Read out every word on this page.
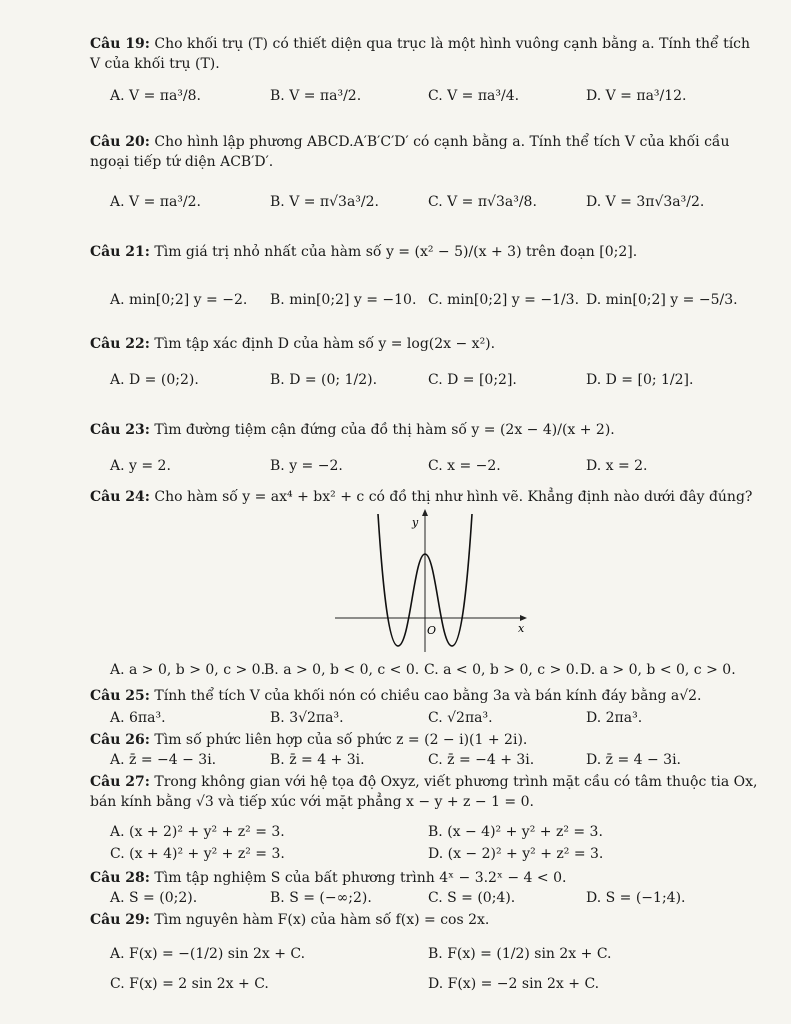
Câu 19: Cho khối trụ (T) có thiết diện qua trục là một hình vuông cạnh bằng a. Tính thể tích V của khối trụ (T).
A. V = πa³/8.	B. V = πa³/2.	C. V = πa³/4.	D. V = πa³/12.
Câu 20: Cho hình lập phương ABCD.A′B′C′D′ có cạnh bằng a. Tính thể tích V của khối cầu ngoại tiếp tứ diện ACB′D′.
A. V = πa³/2.	B. V = π√3a³/2.	C. V = π√3a³/8.	D. V = 3π√3a³/2.
Câu 21: Tìm giá trị nhỏ nhất của hàm số y = (x² − 5)/(x + 3) trên đoạn [0;2].
A. min[0;2] y = −2. B. min[0;2] y = −10. C. min[0;2] y = −1/3. D. min[0;2] y = −5/3.
Câu 22: Tìm tập xác định D của hàm số y = log(2x − x²).
A. D = (0;2).	B. D = (0; 1/2).	C. D = [0;2].	D. D = [0; 1/2].
Câu 23: Tìm đường tiệm cận đứng của đồ thị hàm số y = (2x − 4)/(x + 2).
A. y = 2.	B. y = −2.	C. x = −2.	D. x = 2.
Câu 24: Cho hàm số y = ax⁴ + bx² + c có đồ thị như hình vẽ. Khẳng định nào dưới đây đúng?
y
x
O
A. a > 0, b > 0, c > 0.
B. a > 0, b < 0, c < 0. C. a < 0, b > 0, c > 0. D. a > 0, b < 0, c > 0.
Câu 25: Tính thể tích V của khối nón có chiều cao bằng 3a và bán kính đáy bằng a√2.
A. 6πa³.	B. 3√2πa³.	C. √2πa³.	D. 2πa³.
Câu 26: Tìm số phức liên hợp của số phức z = (2 − i)(1 + 2i).
A. z̄ = −4 − 3i.	B. z̄ = 4 + 3i.	C. z̄ = −4 + 3i.	D. z̄ = 4 − 3i.
Câu 27: Trong không gian với hệ tọa độ Oxyz, viết phương trình mặt cầu có tâm thuộc tia Ox, bán kính bằng √3 và tiếp xúc với mặt phẳng x − y + z − 1 = 0.
A. (x + 2)² + y² + z² = 3.	B. (x − 4)² + y² + z² = 3.
C. (x + 4)² + y² + z² = 3.	D. (x − 2)² + y² + z² = 3.
Câu 28: Tìm tập nghiệm S của bất phương trình 4ˣ − 3.2ˣ − 4 < 0.
A. S = (0;2).	B. S = (−∞;2).	C. S = (0;4).	D. S = (−1;4).
Câu 29: Tìm nguyên hàm F(x) của hàm số f(x) = cos 2x.
A. F(x) = −(1/2) sin 2x + C.	B. F(x) = (1/2) sin 2x + C.
C. F(x) = 2 sin 2x + C.	D. F(x) = −2 sin 2x + C.
